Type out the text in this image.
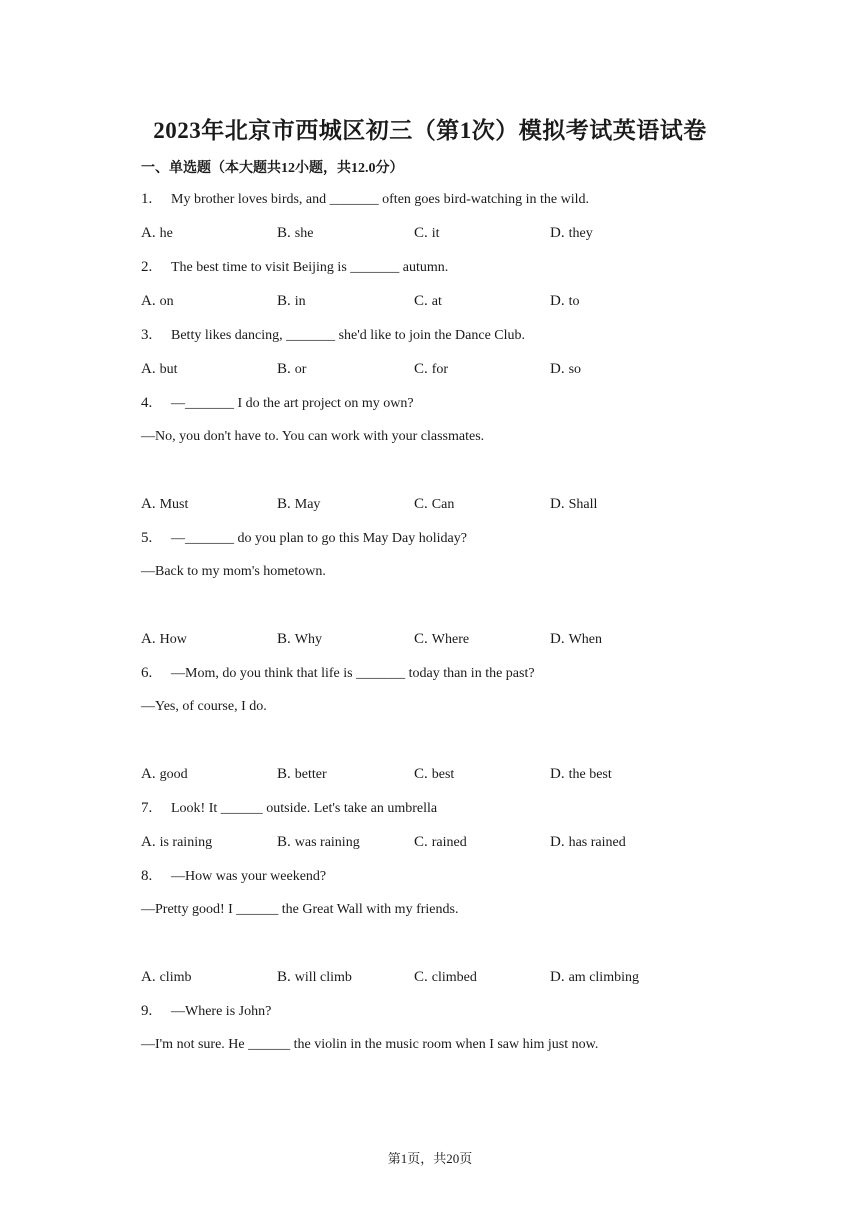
2023年北京市西城区初三（第1次）模拟考试英语试卷
一、单选题（本大题共12小题，共12.0分）
1. My brother loves birds, and _______ often goes bird-watching in the wild.
A. he	B. she	C. it	D. they
2. The best time to visit Beijing is _______ autumn.
A. on	B. in	C. at	D. to
3. Betty likes dancing, _______ she'd like to join the Dance Club.
A. but	B. or	C. for	D. so
4. —_______ I do the art project on my own?
—No, you don't have to. You can work with your classmates.
A. Must	B. May	C. Can	D. Shall
5. —_______ do you plan to go this May Day holiday?
—Back to my mom's hometown.
A. How	B. Why	C. Where	D. When
6. —Mom, do you think that life is _______ today than in the past?
—Yes, of course, I do.
A. good	B. better	C. best	D. the best
7. Look! It ______ outside. Let's take an umbrella
A. is raining	B. was raining	C. rained	D. has rained
8. —How was your weekend?
—Pretty good! I ______ the Great Wall with my friends.
A. climb	B. will climb	C. climbed	D. am climbing
9. —Where is John?
—I'm not sure. He ______ the violin in the music room when I saw him just now.
第1页，共20页
